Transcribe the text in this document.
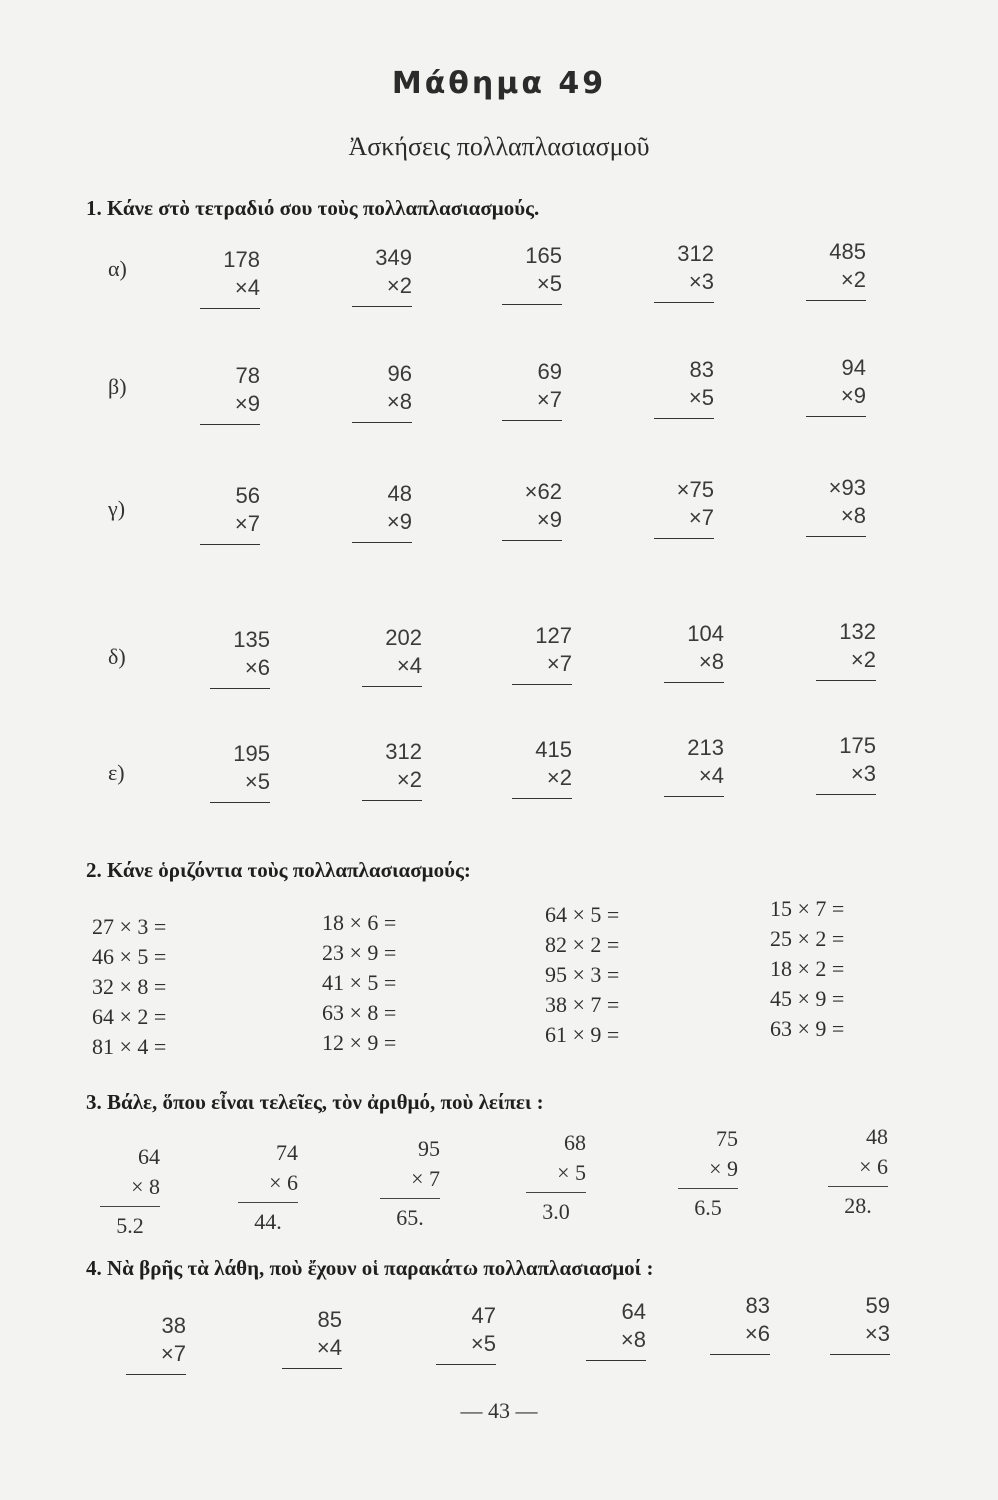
Μάθημα 49
Ἀσκήσεις πολλαπλασιασμοῦ
1. Κάνε στὸ τετραδιό σου τοὺς πολλαπλασιασμούς.
α)	178
×4
349
×2
165
×5
312
×3
485
×2
β)	78
×9
96
×8
69
×7
83
×5
94
×9
γ)
56
×7
48
×9
×62
×9
×75
×7
×93
×8
δ)
135
×6
202
×4
127
×7
104
×8
132
×2
ε)
195
×5
312
×2
415
×2
213
×4
175
×3
2. Κάνε ὁριζόντια τοὺς πολλαπλασιασμούς:
27 × 3 =
46 × 5 =
32 × 8 =
64 × 2 =
81 × 4 =
18 × 6 =
23 × 9 =
41 × 5 =
63 × 8 =
12 × 9 =
64 × 5 =
82 × 2 =
95 × 3 =
38 × 7 =
61 × 9 =
15 × 7 =
25 × 2 =
18 × 2 =
45 × 9 =
63 × 9 =
3. Βάλε, ὅπου εἶναι τελεῖες, τὸν ἀριθμό, ποὺ λείπει :
64
× 8
5.2
74
× 6
44.
95
× 7
65.
68
× 5
3.0
75
× 9
6.5
48
× 6
28.
4. Νὰ βρῆς τὰ λάθη, ποὺ ἔχουν οἱ παρακάτω πολλαπλασιασμοί :
38
×7
85
×4
47
×5
64
×8
83
×6
59
×3
— 43 —
